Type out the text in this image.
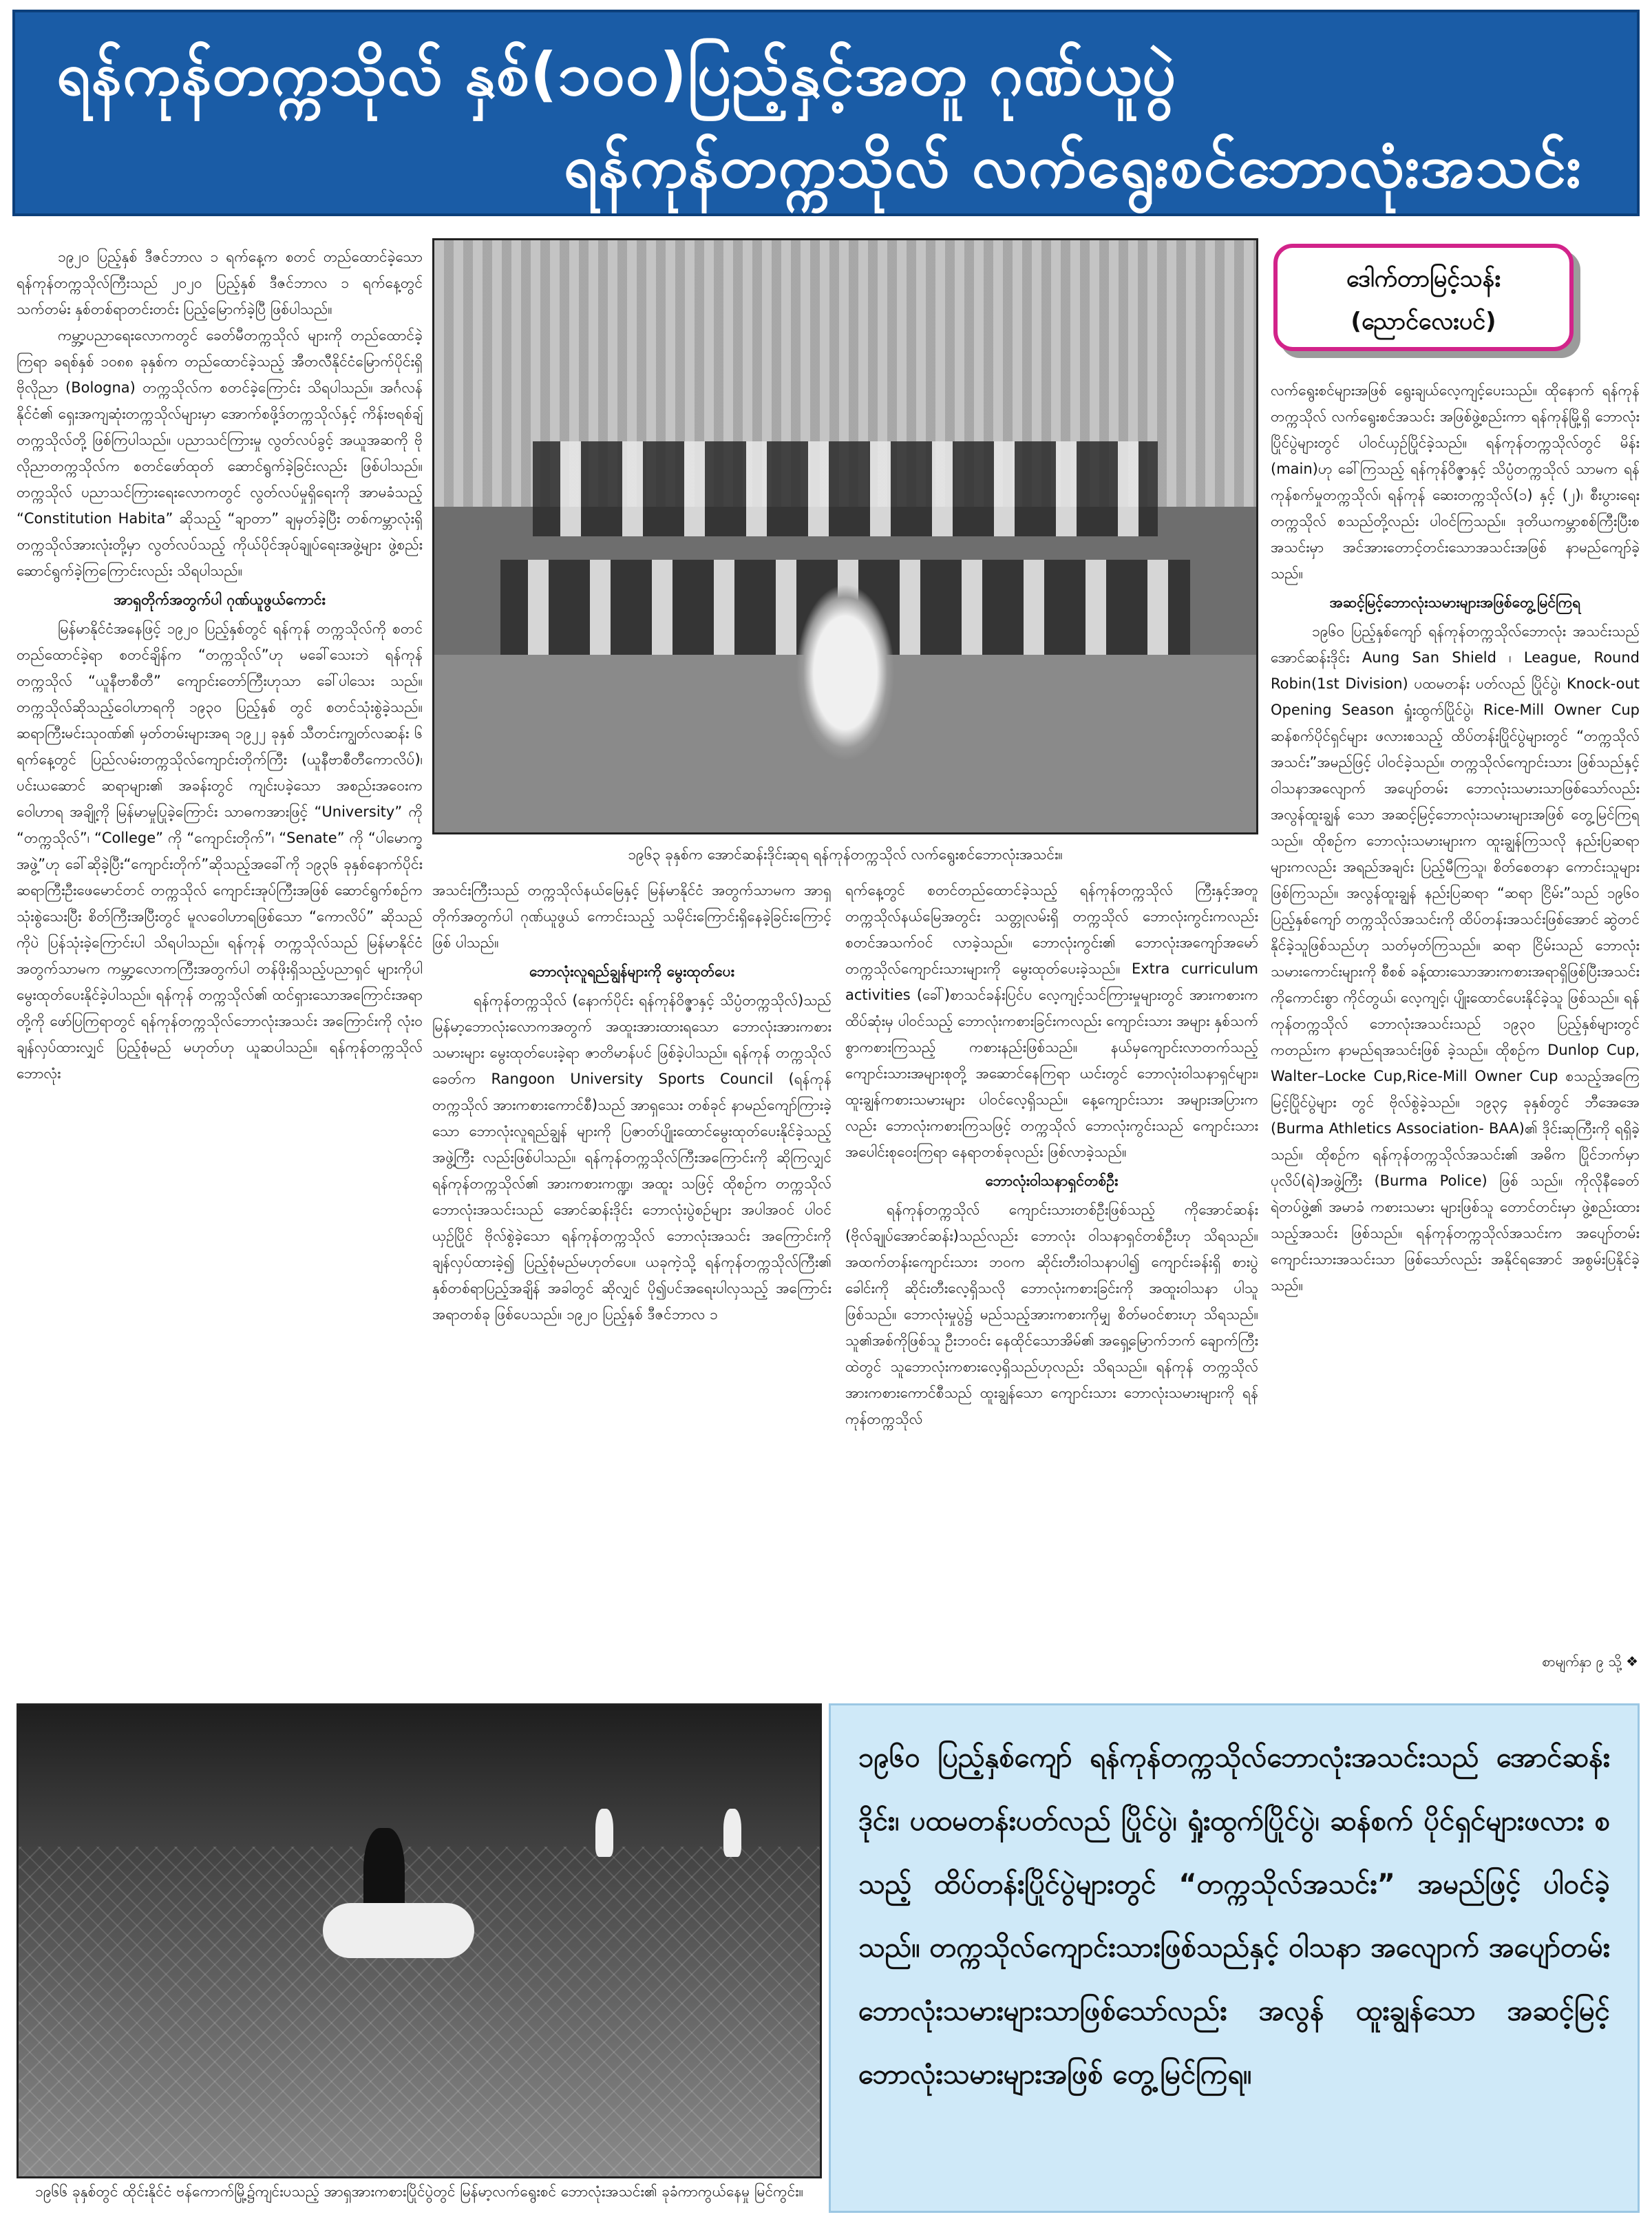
ရန်ကုန်တက္ကသိုလ် နှစ်(၁၀၀)ပြည့်နှင့်အတူ ဂုဏ်ယူပွဲ
ရန်ကုန်တက္ကသိုလ် လက်ရွေးစင်ဘောလုံးအသင်း

၁၉၂၀ ပြည့်နှစ် ဒီဇင်ဘာလ ၁ ရက်နေ့က စတင် တည်ထောင်ခဲ့သော ရန်ကုန်တက္ကသိုလ်ကြီးသည် ၂၀၂၀ ပြည့်နှစ် ဒီဇင်ဘာလ ၁ ရက်နေ့တွင် သက်တမ်း နှစ်တစ်ရာတင်းတင်း ပြည့်မြောက်ခဲ့ပြီ ဖြစ်ပါသည်။

ကမ္ဘာ့ပညာရေးလောကတွင် ခေတ်မီတက္ကသိုလ် များကို တည်ထောင်ခဲ့ကြရာ ခရစ်နှစ် ၁၀၈၈ ခုနှစ်က တည်ထောင်ခဲ့သည့် အီတလီနိုင်ငံမြောက်ပိုင်းရှိ ဗိုလိုညာ (Bologna) တက္ကသိုလ်က စတင်ခဲ့ကြောင်း သိရပါသည်။ အင်္ဂလန်နိုင်ငံ၏ ရှေးအကျဆုံးတက္ကသိုလ်များမှာ အောက်စဖို့ဒ်တက္ကသိုလ်နှင့် ကိန်းဗရစ်ချ်တက္ကသိုလ်တို့ ဖြစ်ကြပါသည်။ ပညာသင်ကြားမှု လွတ်လပ်ခွင့် အယူအဆကို ဗိုလိုညာတက္ကသိုလ်က စတင်ဖော်ထုတ် ဆောင်ရွက်ခဲ့ခြင်းလည်း ဖြစ်ပါသည်။ တက္ကသိုလ် ပညာသင်ကြားရေးလောကတွင် လွတ်လပ်မှုရှိရေးကို အာမခံသည့် “Constitution Habita” ဆိုသည့် “ချာတာ” ချမှတ်ခဲ့ပြီး တစ်ကမ္ဘာလုံးရှိ တက္ကသိုလ်အားလုံးတို့မှာ လွတ်လပ်သည့် ကိုယ်ပိုင်အုပ်ချုပ်ရေးအဖွဲ့များ ဖွဲ့စည်း ဆောင်ရွက်ခဲ့ကြကြောင်းလည်း သိရပါသည်။

အာရှတိုက်အတွက်ပါ ဂုဏ်ယူဖွယ်ကောင်း

မြန်မာနိုင်ငံအနေဖြင့် ၁၉၂၀ ပြည့်နှစ်တွင် ရန်ကုန် တက္ကသိုလ်ကို စတင်တည်ထောင်ခဲ့ရာ စတင်ချိန်က “တက္ကသိုလ်”ဟု မခေါ်သေးဘဲ ရန်ကုန်တက္ကသိုလ် “ယူနီဗာစီတီ” ကျောင်းတော်ကြီးဟုသာ ခေါ်ပါသေး သည်။ တက္ကသိုလ်ဆိုသည့်ဝေါဟာရကို ၁၉၃၀ ပြည့်နှစ် တွင် စတင်သုံးစွဲခဲ့သည်။ ဆရာကြီးမင်းသုဝဏ်၏ မှတ်တမ်းများအရ ၁၉၂၂ ခုနှစ် သီတင်းကျွတ်လဆန်း ၆ ရက်နေ့တွင် ပြည်လမ်းတက္ကသိုလ်ကျောင်းတိုက်ကြီး (ယူနီဗာစီတီကောလိပ်)၊ ပင်းယဆောင် ဆရာများ၏ အခန်းတွင် ကျင်းပခဲ့သော အစည်းအဝေးက ဝေါဟာရ အချို့ကို မြန်မာမှုပြုခဲ့ကြောင်း သာဓကအားဖြင့် “University” ကို “တက္ကသိုလ်”၊ “College” ကို “ကျောင်းတိုက်”၊ “Senate” ကို “ပါမောက္ခအဖွဲ့”ဟု ခေါ်ဆိုခဲ့ပြီး“ကျောင်းတိုက်”ဆိုသည့်အခေါ်ကို ၁၉၃၆ ခုနှစ်နောက်ပိုင်း ဆရာကြီးဦးဖေမောင်တင် တက္ကသိုလ် ကျောင်းအုပ်ကြီးအဖြစ် ဆောင်ရွက်စဉ်က သုံးစွဲသေးပြီး စိတ်ကြီးအပြီးတွင် မူလဝေါဟာရဖြစ်သော “ကောလိပ်” ဆိုသည်ကိုပဲ ပြန်သုံးခဲ့ကြောင်းပါ သိရပါသည်။ ရန်ကုန် တက္ကသိုလ်သည် မြန်မာနိုင်ငံအတွက်သာမက ကမ္ဘာ့လောကကြီးအတွက်ပါ တန်ဖိုးရှိသည့်ပညာရှင် များကိုပါ မွေးထုတ်ပေးနိုင်ခဲ့ပါသည်။ ရန်ကုန် တက္ကသိုလ်၏ ထင်ရှားသောအကြောင်းအရာတို့ကို ဖော်ပြကြရာတွင် ရန်ကုန်တက္ကသိုလ်ဘောလုံးအသင်း အကြောင်းကို လုံးဝချန်လှပ်ထားလျှင် ပြည့်စုံမည် မဟုတ်ဟု ယူဆပါသည်။ ရန်ကုန်တက္ကသိုလ် ဘောလုံး

၁၉၆၃ ခုနှစ်က အောင်ဆန်းဒိုင်းဆုရ ရန်ကုန်တက္ကသိုလ် လက်ရွေးစင်ဘောလုံးအသင်း။

အသင်းကြီးသည် တက္ကသိုလ်နယ်မြေနှင့် မြန်မာနိုင်ငံ အတွက်သာမက အာရှတိုက်အတွက်ပါ ဂုဏ်ယူဖွယ် ကောင်းသည့် သမိုင်းကြောင်းရှိနေခဲ့ခြင်းကြောင့် ဖြစ် ပါသည်။

ဘောလုံးလူရည်ချွန်များကို မွေးထုတ်ပေး

ရန်ကုန်တက္ကသိုလ် (နောက်ပိုင်း ရန်ကုန်ဝိဇ္ဇာနှင့် သိပ္ပံတက္ကသိုလ်)သည် မြန်မာ့ဘောလုံးလောကအတွက် အထူးအားထားရသော ဘောလုံးအားကစားသမားများ မွေးထုတ်ပေးခဲ့ရာ ဇာတိမာန်ပင် ဖြစ်ခဲ့ပါသည်။ ရန်ကုန် တက္ကသိုလ်ခေတ်က Rangoon University Sports Council (ရန်ကုန်တက္ကသိုလ် အားကစားကောင်စီ)သည် အာရှသေး တစ်ခုင် နာမည်ကျော်ကြားခဲ့သော ဘောလုံးလူရည်ချွန် များကို ပြဇာတ်ပျိုးထောင်မွေးထုတ်ပေးနိုင်ခဲ့သည့် အဖွဲ့ကြီး လည်းဖြစ်ပါသည်။ ရန်ကုန်တက္ကသိုလ်ကြီးအကြောင်းကို ဆိုကြလျှင် ရန်ကုန်တက္ကသိုလ်၏ အားကစားကဏ္ဍ၊ အထူး သဖြင့် ထိုစဉ်က တက္ကသိုလ်ဘောလုံးအသင်းသည် အောင်ဆန်းဒိုင်း ဘောလုံးပွဲစဉ်များ အပါအဝင် ပါဝင် ယှဉ်ပြိုင် ဗိုလ်စွဲခဲ့သော ရန်ကုန်တက္ကသိုလ် ဘောလုံးအသင်း အကြောင်းကို ချန်လှပ်ထားခဲ့၍ ပြည့်စုံမည်မဟုတ်ပေ။ ယခုကဲ့သို့ ရန်ကုန်တက္ကသိုလ်ကြီး၏ နှစ်တစ်ရာပြည့်အချိန် အခါတွင် ဆိုလျှင် ပို၍ပင်အရေးပါလှသည့် အကြောင်း အရာတစ်ခု ဖြစ်ပေသည်။ ၁၉၂၀ ပြည့်နှစ် ဒီဇင်ဘာလ ၁

ရက်နေ့တွင် စတင်တည်ထောင်ခဲ့သည့် ရန်ကုန်တက္ကသိုလ် ကြီးနှင့်အတူ တက္ကသိုလ်နယ်မြေအတွင်း သတ္တုလမ်းရှိ တက္ကသိုလ် ဘောလုံးကွင်းကလည်း စတင်အသက်ဝင် လာခဲ့သည်။ ဘောလုံးကွင်း၏ ဘောလုံးအကျော်အမော် တက္ကသိုလ်ကျောင်းသားများကို မွေးထုတ်ပေးခဲ့သည်။ Extra curriculum activities (ခေါ်)စာသင်ခန်းပြင်ပ လေ့ကျင့်သင်ကြားမှုများတွင် အားကစားကထိပ်ဆုံးမှ ပါဝင်သည့် ဘောလုံးကစားခြင်းကလည်း ကျောင်းသား အများ နှစ်သက်စွာကစားကြသည့် ကစားနည်းဖြစ်သည်။ နယ်မှကျောင်းလာတက်သည့် ကျောင်းသားအများစုတို့ အဆောင်နေကြရာ ယင်းတွင် ဘောလုံးဝါသနာရှင်များ၊ ထူးချွန်ကစားသမားများ ပါဝင်လေ့ရှိသည်။ နေ့ကျောင်းသား အများအပြားကလည်း ဘောလုံးကစားကြသဖြင့် တက္ကသိုလ် ဘောလုံးကွင်းသည် ကျောင်းသားအပေါင်းစုဝေးကြရာ နေရာတစ်ခုလည်း ဖြစ်လာခဲ့သည်။

ဘောလုံးဝါသနာရှင်တစ်ဦး

ရန်ကုန်တက္ကသိုလ် ကျောင်းသားတစ်ဦးဖြစ်သည့် ကိုအောင်ဆန်း (ဗိုလ်ချုပ်အောင်ဆန်း)သည်လည်း ဘောလုံး ဝါသနာရှင်တစ်ဦးဟု သိရသည်။ အထက်တန်းကျောင်းသား ဘဝက ဆိုင်းတီးဝါသနာပါ၍ ကျောင်းခန်းရှိ စားပွဲခေါင်းကို ဆိုင်းတီးလေ့ရှိသလို ဘောလုံးကစားခြင်းကို အထူးဝါသနာ ပါသူ ဖြစ်သည်။ ဘောလုံးမှုပွဲ၌ မည်သည့်အားကစားကိုမျှ စိတ်မဝင်စားဟု သိရသည်။ သူ၏အစ်ကိုဖြစ်သူ ဦးဘဝင်း နေထိုင်သောအိမ်၏ အရှေ့မြောက်ဘက် ချောက်ကြီးထဲတွင် သူဘောလုံးကစားလေ့ရှိသည်ဟုလည်း သိရသည်။ ရန်ကုန် တက္ကသိုလ် အားကစားကောင်စီသည် ထူးချွန်သော ကျောင်းသား ဘောလုံးသမားများကို ရန်ကုန်တက္ကသိုလ်

ဒေါက်တာမြင့်သန်း
(ညောင်လေးပင်)

လက်ရွေးစင်များအဖြစ် ရွေးချယ်လေ့ကျင့်ပေးသည်။ ထိုနောက် ရန်ကုန်တက္ကသိုလ် လက်ရွေးစင်အသင်း အဖြစ်ဖွဲ့စည်းကာ ရန်ကုန်မြို့ရှိ ဘောလုံးပြိုင်ပွဲများတွင် ပါဝင်ယှဉ်ပြိုင်ခဲ့သည်။ ရန်ကုန်တက္ကသိုလ်တွင် မိန်း (main)ဟု ခေါ်ကြသည့် ရန်ကုန်ဝိဇ္ဇာနှင့် သိပ္ပံတက္ကသိုလ် သာမက ရန်ကုန်စက်မှုတက္ကသိုလ်၊ ရန်ကုန် ဆေးတက္ကသိုလ်(၁) နှင့် (၂)၊ စီးပွားရေးတက္ကသိုလ် စသည်တို့လည်း ပါဝင်ကြသည်။ ဒုတိယကမ္ဘာစစ်ကြီးပြီးစ အသင်းမှာ အင်အားတောင့်တင်းသောအသင်းအဖြစ် နာမည်ကျော်ခဲ့သည်။

အဆင့်မြင့်ဘောလုံးသမားများအဖြစ်တွေ့မြင်ကြရ

၁၉၆၀ ပြည့်နှစ်ကျော် ရန်ကုန်တက္ကသိုလ်ဘောလုံး အသင်းသည် အောင်ဆန်းဒိုင်း Aung San Shield ၊ League, Round Robin(1st Division) ပထမတန်း ပတ်လည် ပြိုင်ပွဲ၊ Knock-out Opening Season ရှုံးထွက်ပြိုင်ပွဲ၊ Rice-Mill Owner Cup ဆန်စက်ပိုင်ရှင်များ ဖလားစသည့် ထိပ်တန်းပြိုင်ပွဲများတွင် “တက္ကသိုလ် အသင်း”အမည်ဖြင့် ပါဝင်ခဲ့သည်။ တက္ကသိုလ်ကျောင်းသား ဖြစ်သည်နှင့် ဝါသနာအလျောက် အပျော်တမ်း ဘောလုံးသမားသာဖြစ်သော်လည်း အလွန်ထူးချွန် သော အဆင့်မြင့်ဘောလုံးသမားများအဖြစ် တွေ့မြင်ကြရ သည်။ ထိုစဉ်က ဘောလုံးသမားများက ထူးချွန်ကြသလို နည်းပြဆရာများကလည်း အရည်အချင်း ပြည့်မီကြသူ၊ စိတ်စေတနာ ကောင်းသူများ ဖြစ်ကြသည်။ အလွန်ထူးချွန် နည်းပြဆရာ “ဆရာ ငြိမ်း”သည် ၁၉၆၀ ပြည့်နှစ်ကျော် တက္ကသိုလ်အသင်းကို ထိပ်တန်းအသင်းဖြစ်အောင် ဆွဲတင်နိုင်ခဲ့သူဖြစ်သည်ဟု သတ်မှတ်ကြသည်။ ဆရာ ငြိမ်းသည် ဘောလုံးသမားကောင်းများကို စီစစ် ခန့်ထားသောအားကစားအရာရှိဖြစ်ပြီးအသင်းကိုကောင်းစွာ ကိုင်တွယ်၊ လေ့ကျင့်၊ ပျိုးထောင်ပေးနိုင်ခဲ့သူ ဖြစ်သည်။ ရန်ကုန်တက္ကသိုလ် ဘောလုံးအသင်းသည် ၁၉၃၀ ပြည့်နှစ်များတွင်ကတည်းက နာမည်ရအသင်းဖြစ် ခဲ့သည်။ ထိုစဉ်က Dunlop Cup, Walter–Locke Cup,Rice-Mill Owner Cup စသည့်အကြေမြင့်ပြိုင်ပွဲများ တွင် ဗိုလ်စွဲခဲ့သည်။ ၁၉၃၄ ခုနှစ်တွင် ဘီအေအေ (Burma Athletics Association- BAA)၏ ဒိုင်းဆုကြီးကို ရရှိခဲ့ သည်။ ထိုစဉ်က ရန်ကုန်တက္ကသိုလ်အသင်း၏ အဓိက ပြိုင်ဘက်မှာ ပုလိပ်(ရဲ)အဖွဲ့ကြီး (Burma Police) ဖြစ် သည်။ ကိုလိုနီခေတ်ရဲတပ်ဖွဲ့၏ အမာခံ ကစားသမား များဖြစ်သူ တောင်တင်းမှာ ဖွဲ့စည်းထားသည့်အသင်း ဖြစ်သည်။ ရန်ကုန်တက္ကသိုလ်အသင်းက အပျော်တမ်း ကျောင်းသားအသင်းသာ ဖြစ်သော်လည်း အနိုင်ရအောင် အစွမ်းပြနိုင်ခဲ့သည်။

စာမျက်နှာ ၉ သို့ ❖
၁၉၆၆ ခုနှစ်တွင် ထိုင်းနိုင်ငံ ဗန်ကောက်မြို့၌ကျင်းပသည့် အာရှအားကစားပြိုင်ပွဲတွင် မြန်မာ့လက်ရွေးစင် ဘောလုံးအသင်း၏ ခုခံကာကွယ်နေမှု မြင်ကွင်း။
၁၉၆၀ ပြည့်နှစ်ကျော် ရန်ကုန်တက္ကသိုလ်ဘောလုံးအသင်းသည် အောင်ဆန်းဒိုင်း၊ ပထမတန်းပတ်လည် ပြိုင်ပွဲ၊ ရှုံးထွက်ပြိုင်ပွဲ၊ ဆန်စက် ပိုင်ရှင်များဖလား စသည့် ထိပ်တန်းပြိုင်ပွဲများတွင် “တက္ကသိုလ်အသင်း” အမည်ဖြင့် ပါဝင်ခဲ့သည်။ တက္ကသိုလ်ကျောင်းသားဖြစ်သည်နှင့် ဝါသနာ အလျောက် အပျော်တမ်း ဘောလုံးသမားများသာဖြစ်သော်လည်း အလွန် ထူးချွန်သော အဆင့်မြင့်ဘောလုံးသမားများအဖြစ် တွေ့မြင်ကြရ။
